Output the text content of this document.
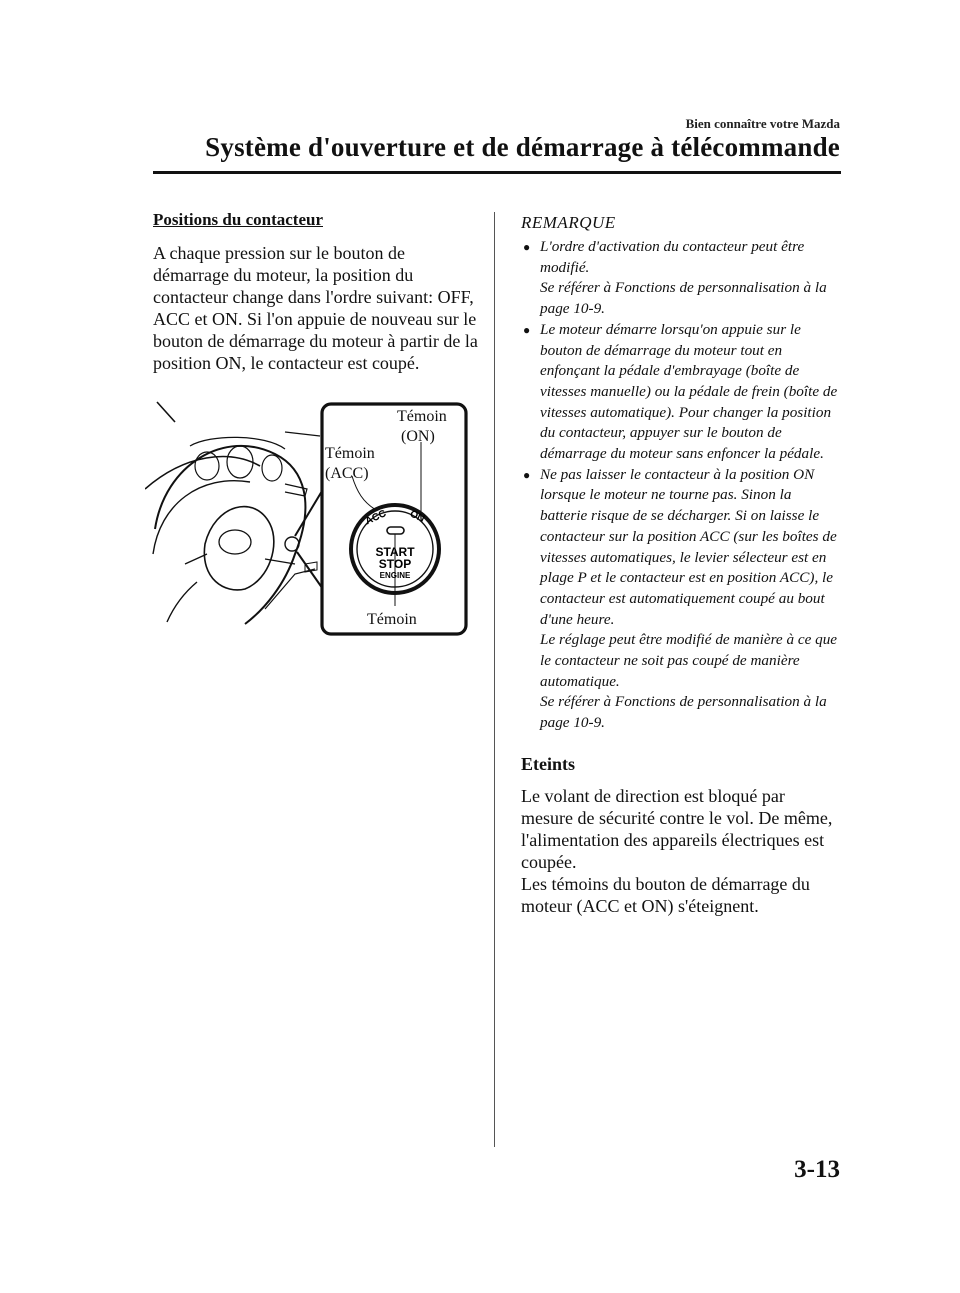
Bien connaître votre Mazda
Système d'ouverture et de démarrage à télécommande
Positions du contacteur

A chaque pression sur le bouton de démarrage du moteur, la position du contacteur change dans l'ordre suivant: OFF, ACC et ON. Si l'on appuie de nouveau sur le bouton de démarrage du moteur à partir de la position ON, le contacteur est coupé.

ACC ON
START
STOP
ENGINE
Témoin
(ON)
Témoin
(ACC)
Témoin
REMARQUE
● L'ordre d'activation du contacteur peut être modifié.

Se référer à Fonctions de personnalisation à la page 10-9.

● Le moteur démarre lorsqu'on appuie sur le bouton de démarrage du moteur tout en enfonçant la pédale d'embrayage (boîte de vitesses manuelle) ou la pédale de frein (boîte de vitesses automatique). Pour changer la position du contacteur, appuyer sur le bouton de démarrage du moteur sans enfoncer la pédale.

● Ne pas laisser le contacteur à la position ON lorsque le moteur ne tourne pas. Sinon la batterie risque de se décharger. Si on laisse le contacteur sur la position ACC (sur les boîtes de vitesses automatiques, le levier sélecteur est en plage P et le contacteur est en position ACC), le contacteur est automatiquement coupé au bout d'une heure.

Le réglage peut être modifié de manière à ce que le contacteur ne soit pas coupé de manière automatique.

Se référer à Fonctions de personnalisation à la page 10-9.

Eteints

Le volant de direction est bloqué par mesure de sécurité contre le vol. De même, l'alimentation des appareils électriques est coupée.

Les témoins du bouton de démarrage du moteur (ACC et ON) s'éteignent.

3-13
